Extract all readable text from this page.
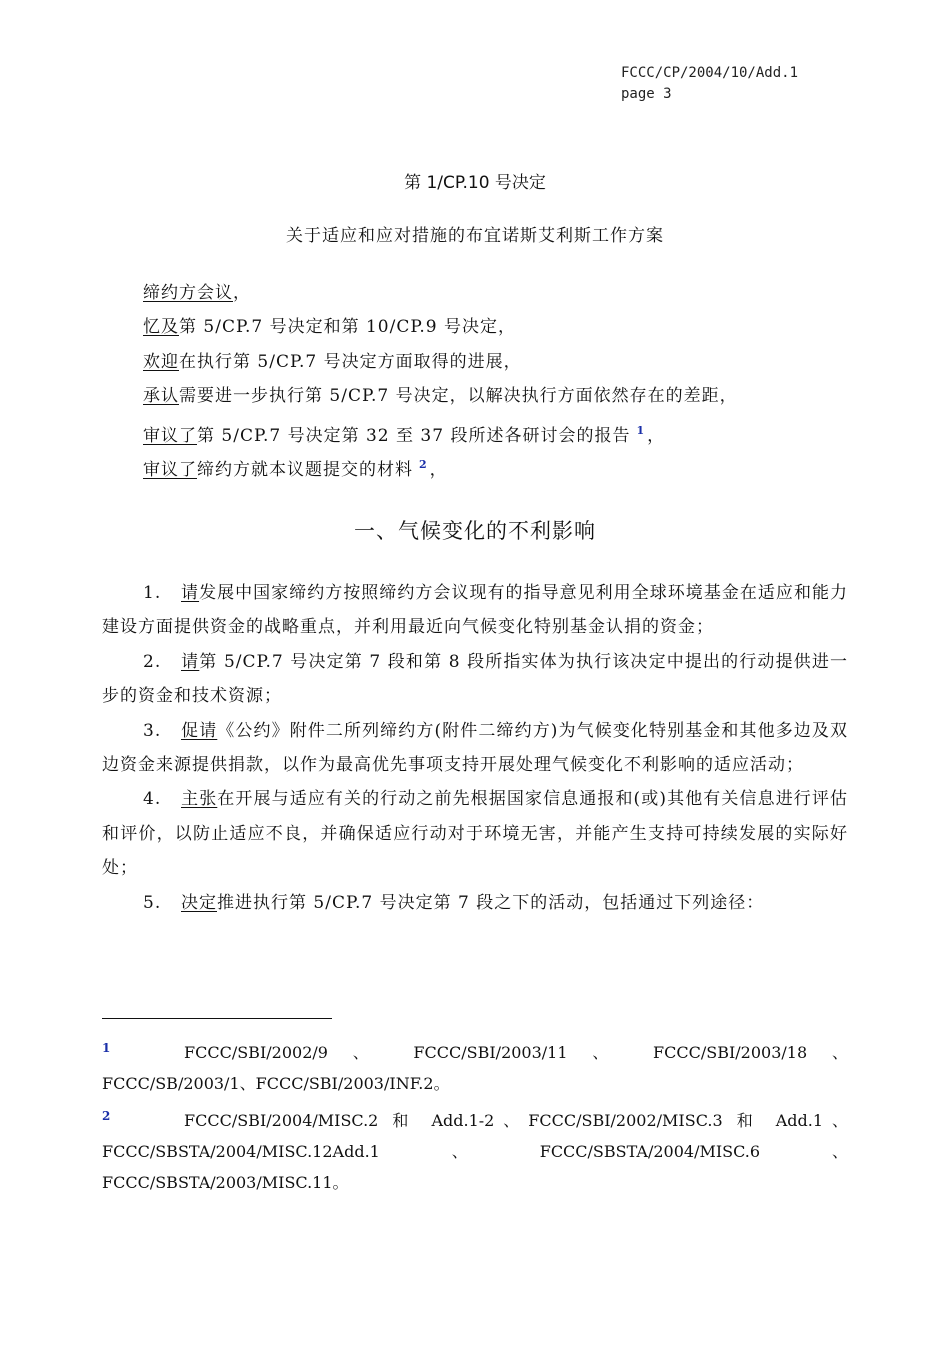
FCCC/CP/2004/10/Add.1
page 3
第 1/CP.10 号决定
关于适应和应对措施的布宜诺斯艾利斯工作方案
缔约方会议，
忆及第 5/CP.7 号决定和第 10/CP.9 号决定，
欢迎在执行第 5/CP.7 号决定方面取得的进展，
承认需要进一步执行第 5/CP.7 号决定，以解决执行方面依然存在的差距，
审议了第 5/CP.7 号决定第 32 至 37 段所述各研讨会的报告 $^1$ ，
审议了缔约方就本议题提交的材料 $^2$ ，
一、气候变化的不利影响

1. 请发展中国家缔约方按照缔约方会议现有的指导意见利用全球环境基金在适应和能力建设方面提供资金的战略重点，并利用最近向气候变化特别基金认捐的资金；

2. 请第 5/CP.7 号决定第 7 段和第 8 段所指实体为执行该决定中提出的行动提供进一步的资金和技术资源；

3. 促请《公约》附件二所列缔约方(附件二缔约方)为气候变化特别基金和其他多边及双边资金来源提供捐款，以作为最高优先事项支持开展处理气候变化不利影响的适应活动；

4. 主张在开展与适应有关的行动之前先根据国家信息通报和(或)其他有关信息进行评估和评价，以防止适应不良，并确保适应行动对于环境无害，并能产生支持可持续发展的实际好处；

5. 决定推进执行第 5/CP.7 号决定第 7 段之下的活动，包括通过下列途径：

1	FCCC/SBI/2002/9 、 FCCC/SBI/2003/11 、 FCCC/SBI/2003/18 、 FCCC/SB/2003/1、FCCC/SBI/2003/INF.2。

2	FCCC/SBI/2004/MISC.2 和 Add.1-2、FCCC/SBI/2002/MISC.3 和 Add.1、FCCC/SBSTA/2004/MISC.12Add.1、FCCC/SBSTA/2004/MISC.6、FCCC/SBSTA/2003/MISC.11。
